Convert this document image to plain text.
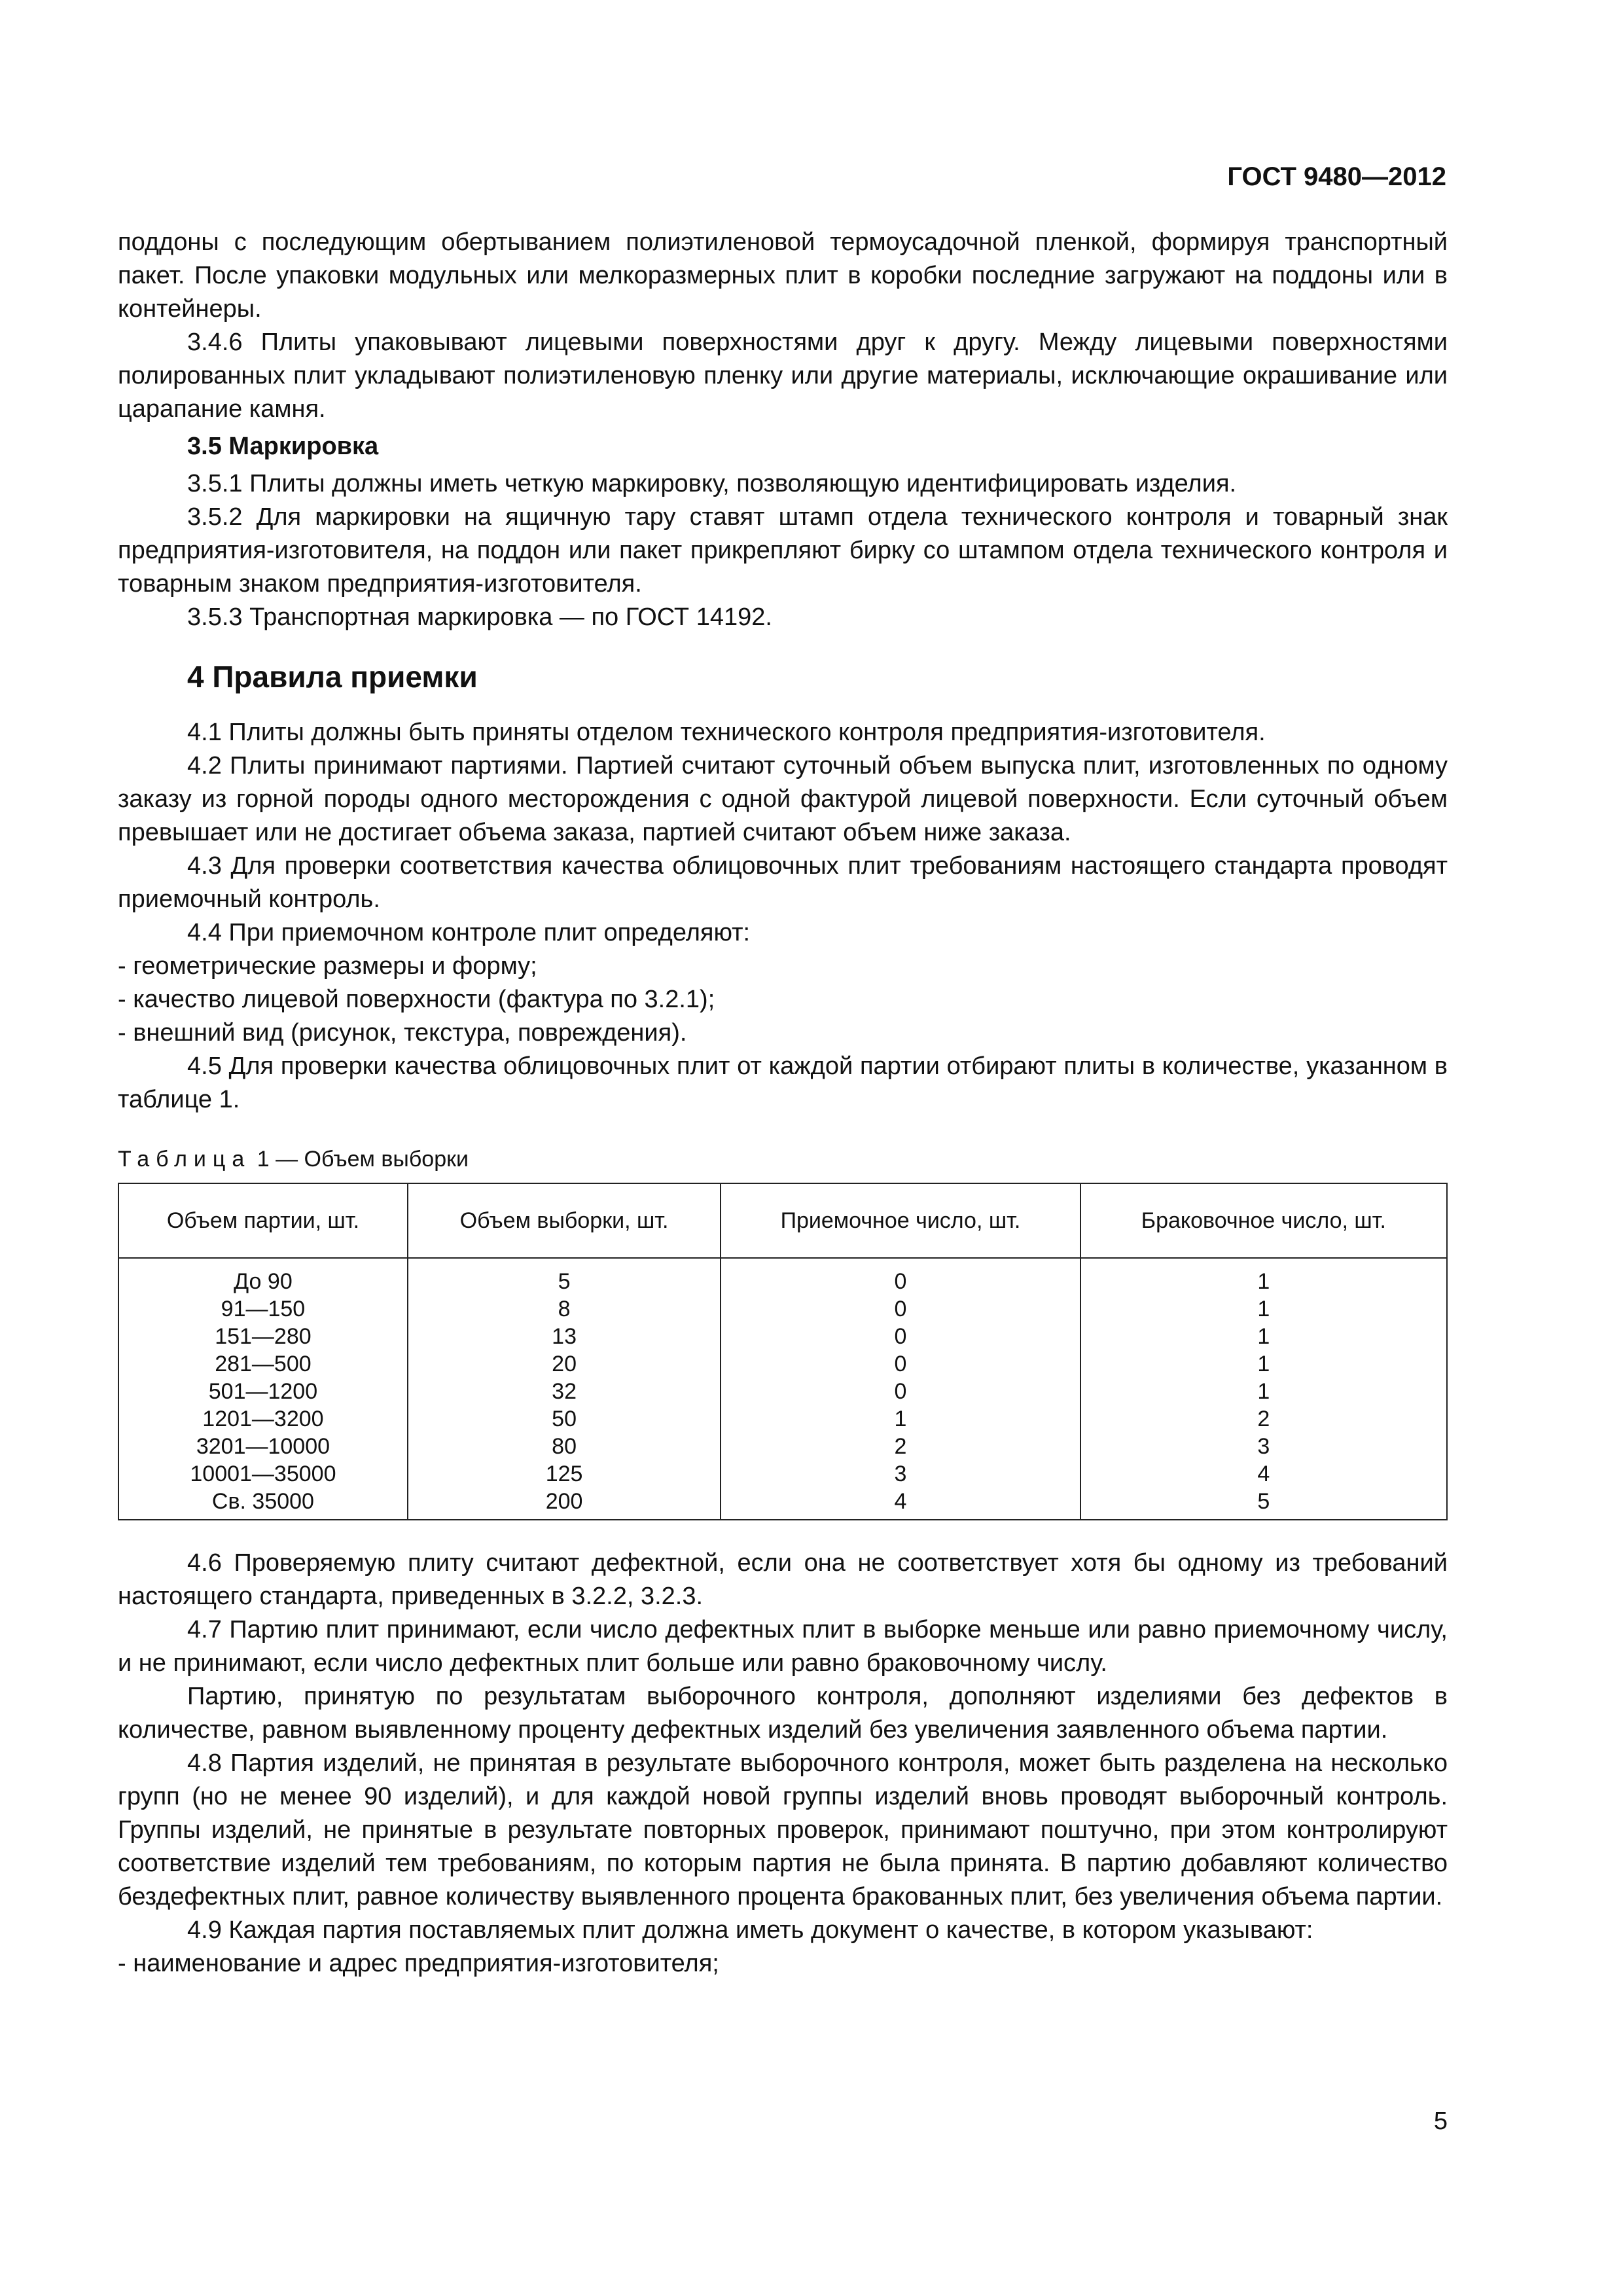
ГОСТ 9480—2012

поддоны с последующим обертыванием полиэтиленовой термоусадочной пленкой, формируя транспортный пакет. После упаковки модульных или мелкоразмерных плит в коробки последние загружают на поддоны или в контейнеры.

3.4.6 Плиты упаковывают лицевыми поверхностями друг к другу. Между лицевыми поверхностями полированных плит укладывают полиэтиленовую пленку или другие материалы, исключающие окрашивание или царапание камня.

3.5 Маркировка

3.5.1 Плиты должны иметь четкую маркировку, позволяющую идентифицировать изделия.

3.5.2 Для маркировки на ящичную тару ставят штамп отдела технического контроля и товарный знак предприятия-изготовителя, на поддон или пакет прикрепляют бирку со штампом отдела технического контроля и товарным знаком предприятия-изготовителя.

3.5.3 Транспортная маркировка — по ГОСТ 14192.

4 Правила приемки

4.1 Плиты должны быть приняты отделом технического контроля предприятия-изготовителя.

4.2 Плиты принимают партиями. Партией считают суточный объем выпуска плит, изготовленных по одному заказу из горной породы одного месторождения с одной фактурой лицевой поверхности. Если суточный объем превышает или не достигает объема заказа, партией считают объем ниже заказа.

4.3 Для проверки соответствия качества облицовочных плит требованиям настоящего стандарта проводят приемочный контроль.

4.4 При приемочном контроле плит определяют:

- геометрические размеры и форму;

- качество лицевой поверхности (фактура по 3.2.1);

- внешний вид (рисунок, текстура, повреждения).

4.5 Для проверки качества облицовочных плит от каждой партии отбирают плиты в количестве, указанном в таблице 1.

Таблица 1 — Объем выборки

Объем партии, шт.	Объем выборки, шт.	Приемочное число, шт.	Браковочное число, шт.
До 90	5	0	1
91—150	8	0	1
151—280	13	0	1
281—500	20	0	1
501—1200	32	0	1
1201—3200	50	1	2
3201—10000	80	2	3
10001—35000	125	3	4
Св. 35000	200	4	5

4.6 Проверяемую плиту считают дефектной, если она не соответствует хотя бы одному из требований настоящего стандарта, приведенных в 3.2.2, 3.2.3.

4.7 Партию плит принимают, если число дефектных плит в выборке меньше или равно приемочному числу, и не принимают, если число дефектных плит больше или равно браковочному числу.

Партию, принятую по результатам выборочного контроля, дополняют изделиями без дефектов в количестве, равном выявленному проценту дефектных изделий без увеличения заявленного объема партии.

4.8 Партия изделий, не принятая в результате выборочного контроля, может быть разделена на несколько групп (но не менее 90 изделий), и для каждой новой группы изделий вновь проводят выборочный контроль. Группы изделий, не принятые в результате повторных проверок, принимают поштучно, при этом контролируют соответствие изделий тем требованиям, по которым партия не была принята. В партию добавляют количество бездефектных плит, равное количеству выявленного процента бракованных плит, без увеличения объема партии.

4.9 Каждая партия поставляемых плит должна иметь документ о качестве, в котором указывают:

- наименование и адрес предприятия-изготовителя;

5
